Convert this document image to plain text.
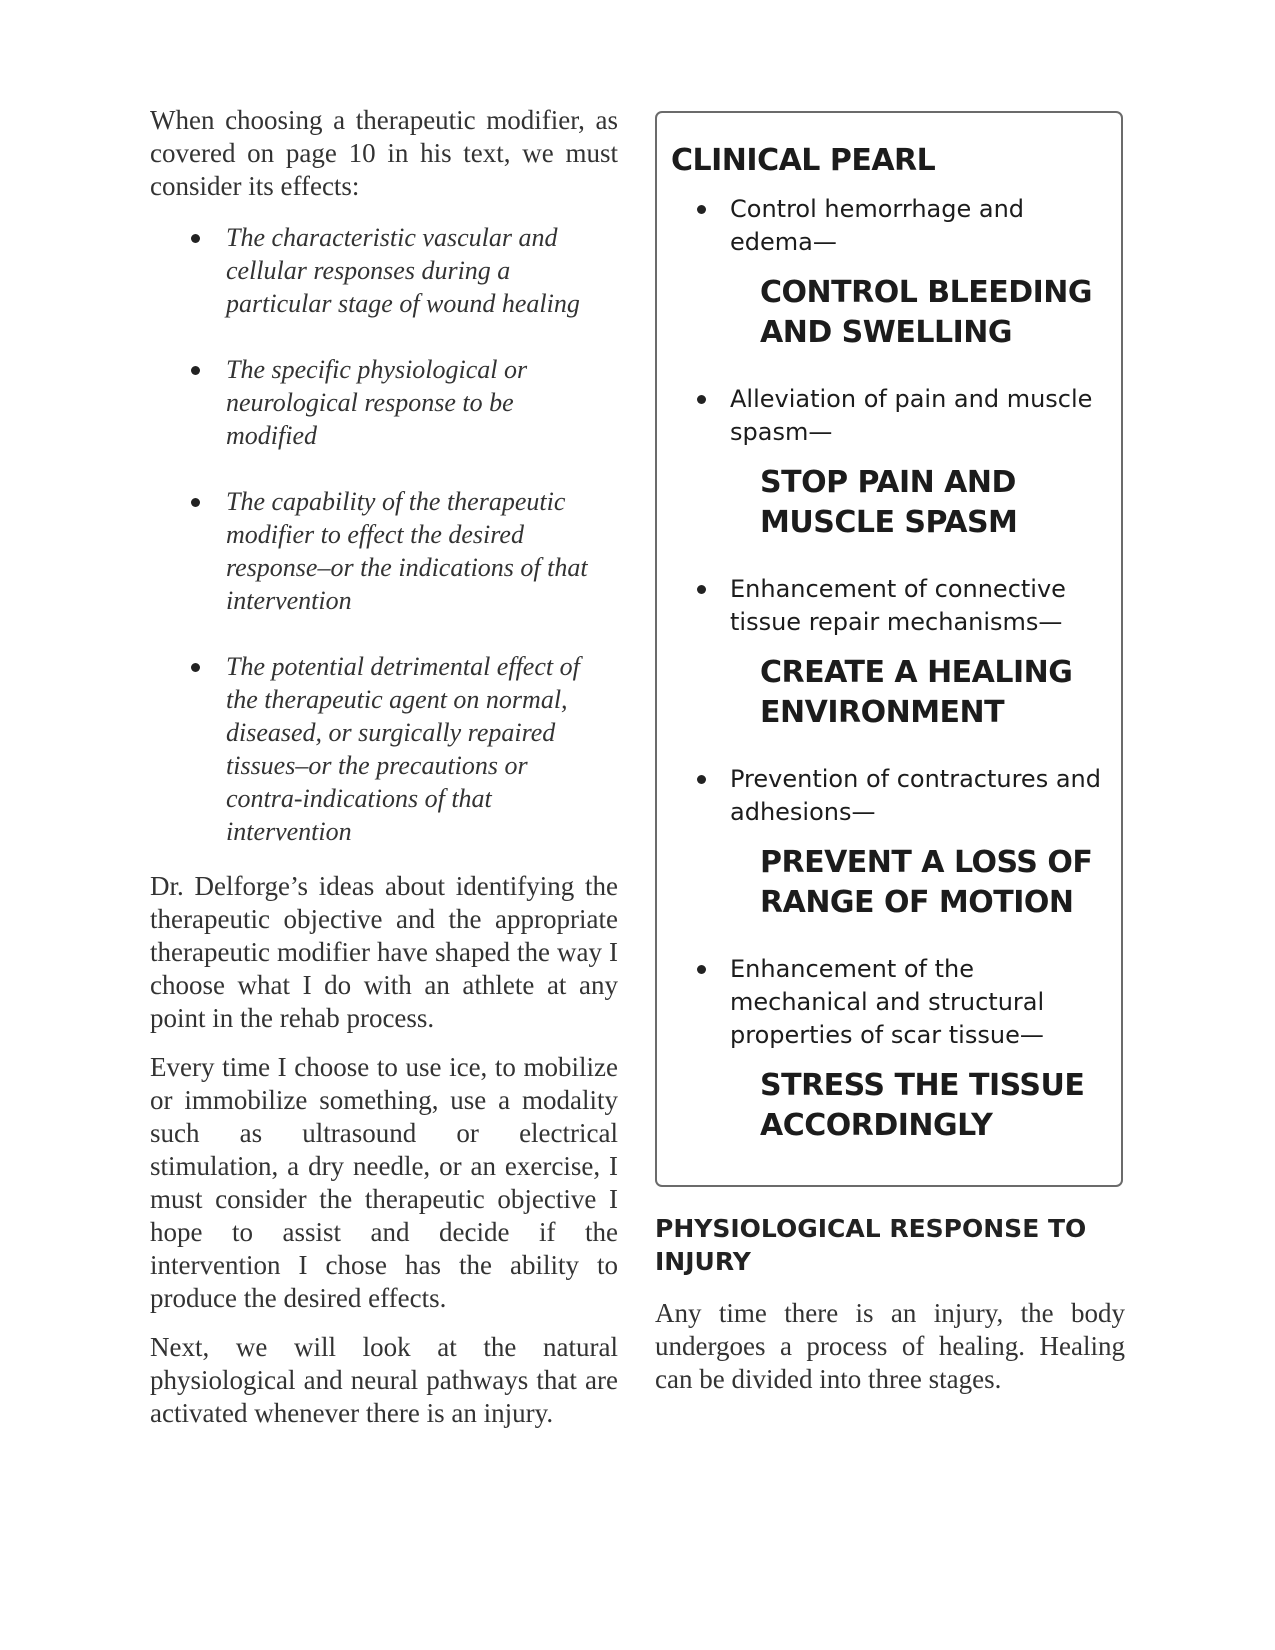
When choosing a therapeutic modifier, as covered on page 10 in his text, we must consider its effects:

The characteristic vascular and cellular responses during a particular stage of wound healing
The specific physiological or neurological response to be modified
The capability of the therapeutic modifier to effect the desired response–or the indications of that intervention
The potential detrimental effect of the therapeutic agent on normal, diseased, or surgically repaired tissues–or the precautions or contra-indications of that intervention

Dr. Delforge’s ideas about identifying the therapeutic objective and the appropriate therapeutic modifier have shaped the way I choose what I do with an athlete at any point in the rehab process.

Every time I choose to use ice, to mobilize or immobilize something, use a modality such as ultrasound or electrical stimulation, a dry needle, or an exercise, I must consider the therapeutic objective I hope to assist and decide if the intervention I chose has the ability to produce the desired effects.

Next, we will look at the natural physiological and neural pathways that are activated whenever there is an injury.

CLINICAL PEARL
Control hemorrhage and edema—
CONTROL BLEEDING AND SWELLING
Alleviation of pain and muscle spasm—
STOP PAIN AND MUSCLE SPASM
Enhancement of connective tissue repair mechanisms—
CREATE A HEALING ENVIRONMENT
Prevention of contractures and adhesions—
PREVENT A LOSS OF RANGE OF MOTION
Enhancement of the mechanical and structural properties of scar tissue—
STRESS THE TISSUE ACCORDINGLY
PHYSIOLOGICAL RESPONSE TO INJURY

Any time there is an injury, the body undergoes a process of healing. Healing can be divided into three stages.
